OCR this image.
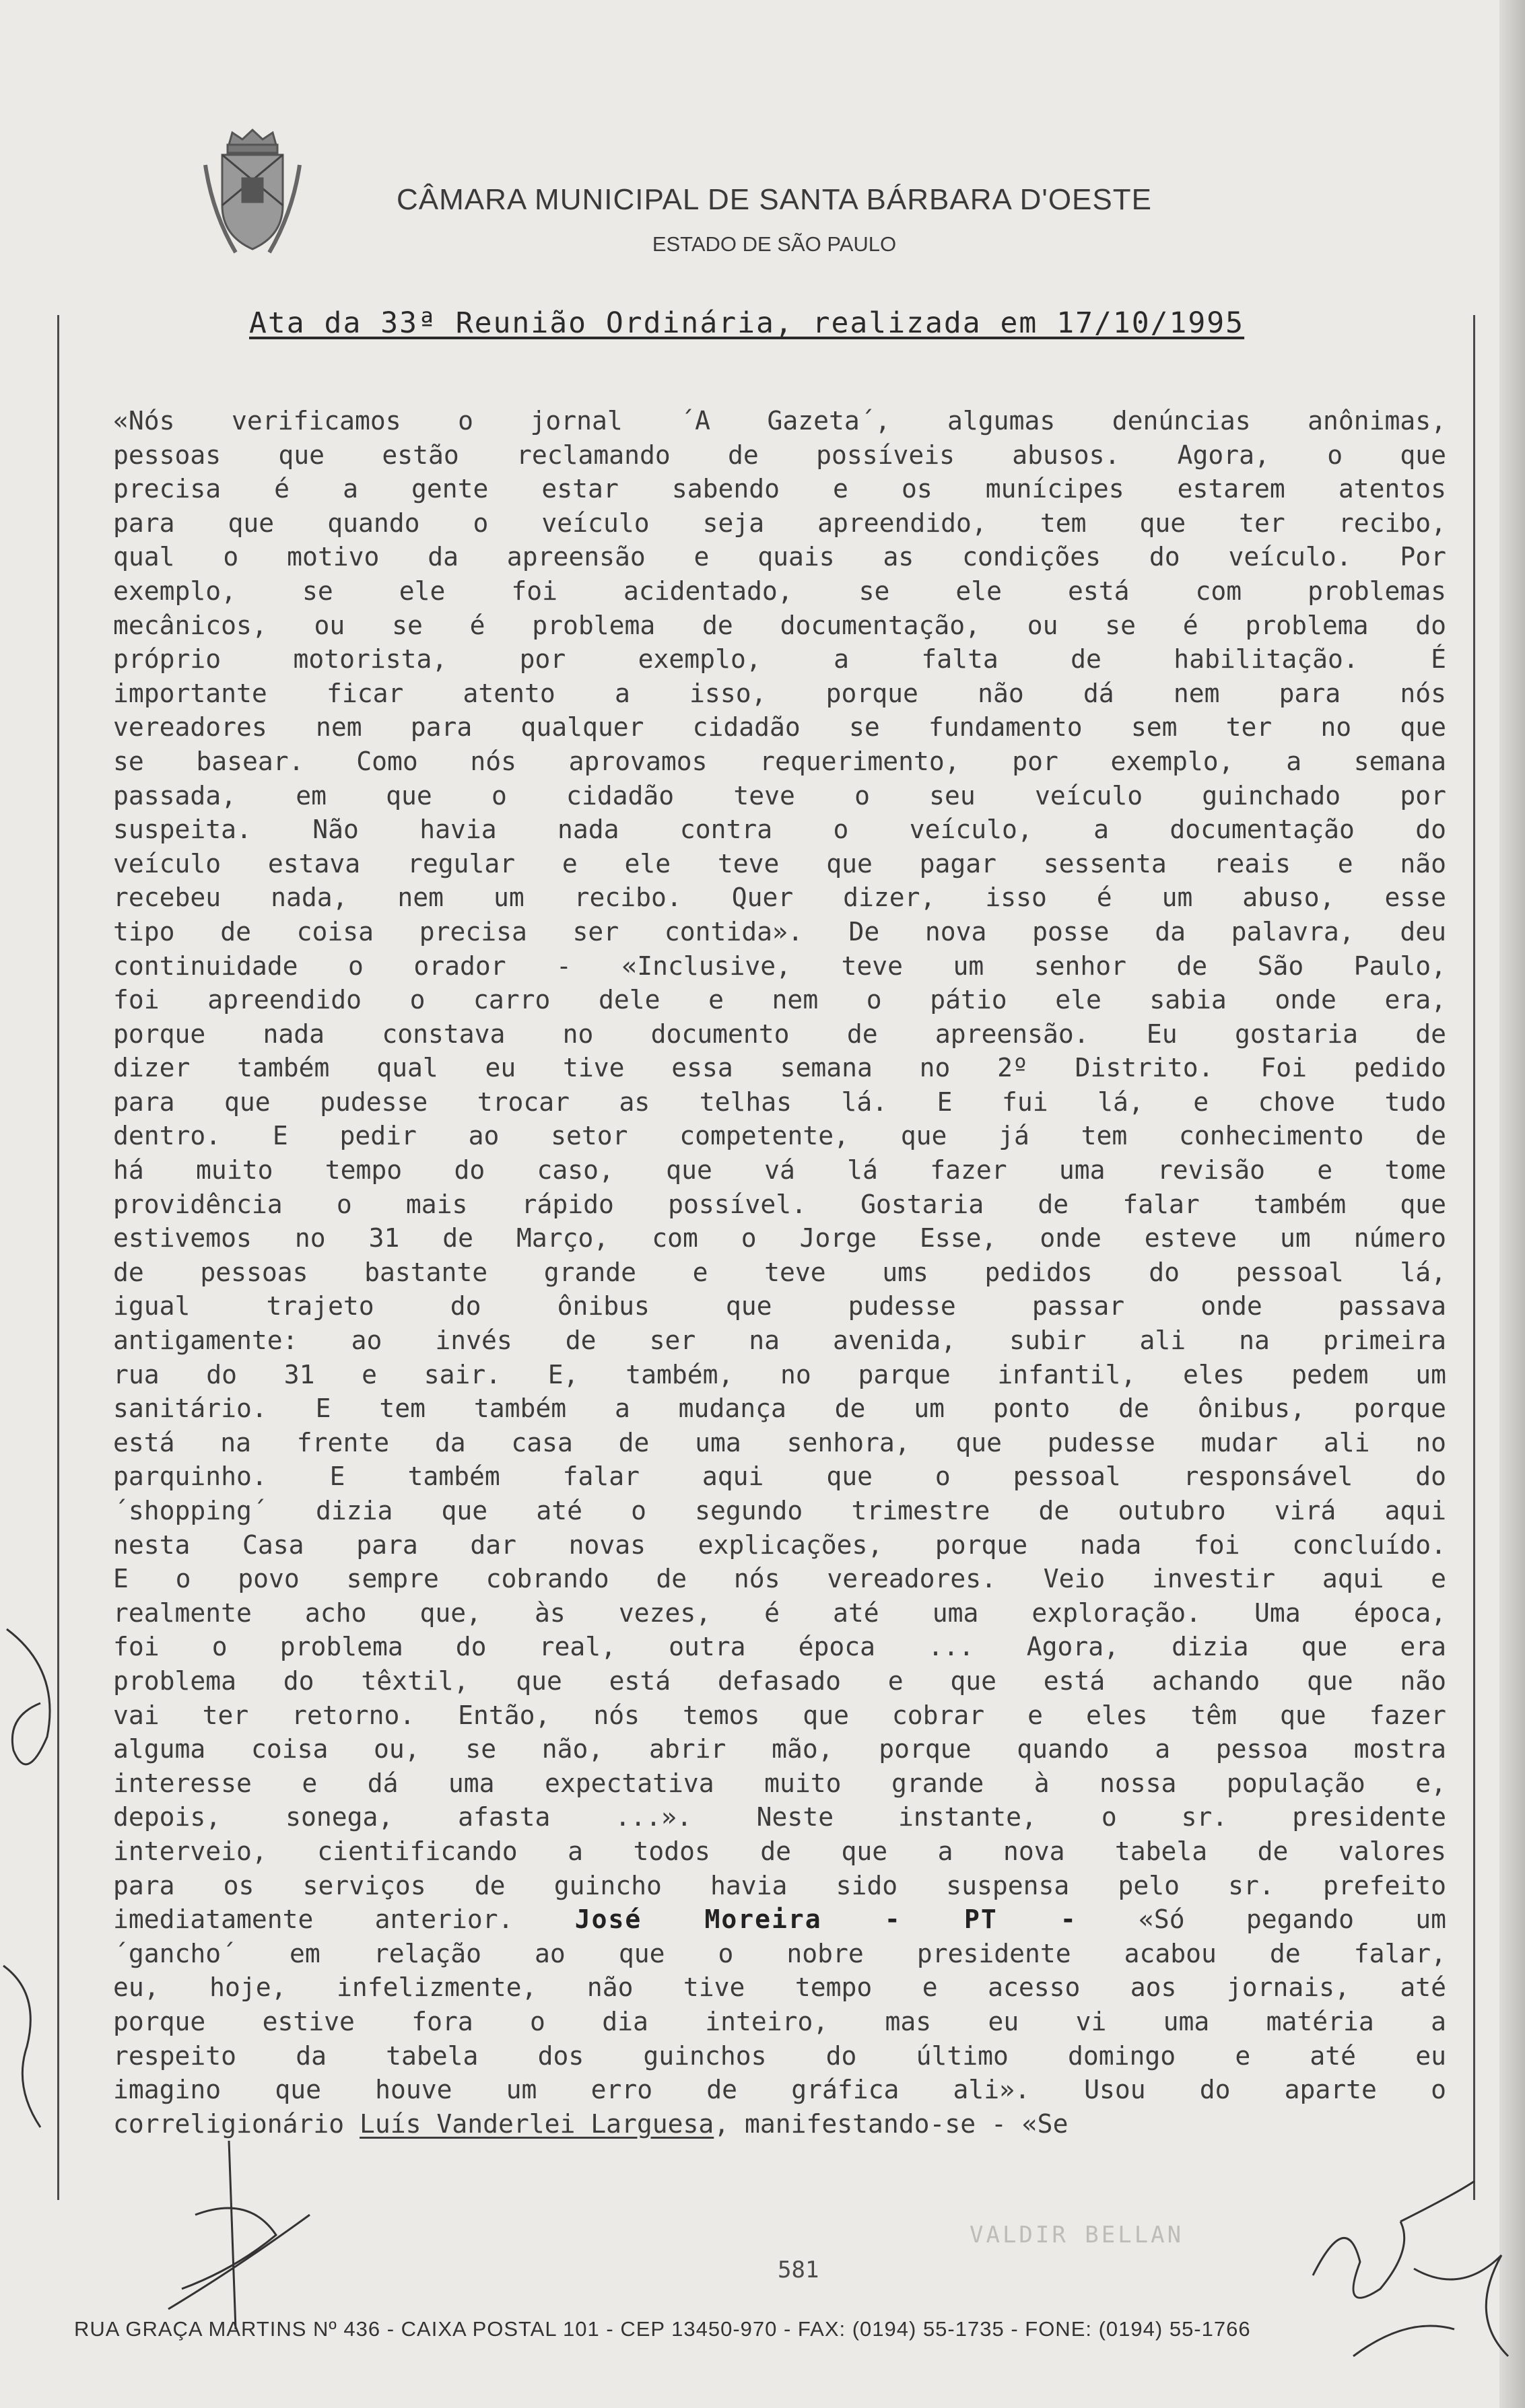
CÂMARA MUNICIPAL DE SANTA BÁRBARA D'OESTE
ESTADO DE SÃO PAULO
Ata da 33ª Reunião Ordinária, realizada em 17/10/1995
«Nós verificamos o jornal ´A Gazeta´, algumas denúncias anônimas,
pessoas que estão reclamando de possíveis abusos. Agora, o que
precisa é a gente estar sabendo e os munícipes estarem atentos
para que quando o veículo seja apreendido, tem que ter recibo,
qual o motivo da apreensão e quais as condições do veículo. Por
exemplo, se ele foi acidentado, se ele está com problemas
mecânicos, ou se é problema de documentação, ou se é problema do
próprio motorista, por exemplo, a falta de habilitação. É
importante ficar atento a isso, porque não dá nem para nós
vereadores nem para qualquer cidadão se fundamento sem ter no que
se basear. Como nós aprovamos requerimento, por exemplo, a semana
passada, em que o cidadão teve o seu veículo guinchado por
suspeita. Não havia nada contra o veículo, a documentação do
veículo estava regular e ele teve que pagar sessenta reais e não
recebeu nada, nem um recibo. Quer dizer, isso é um abuso, esse
tipo de coisa precisa ser contida». De nova posse da palavra, deu
continuidade o orador - «Inclusive, teve um senhor de São Paulo,
foi apreendido o carro dele e nem o pátio ele sabia onde era,
porque nada constava no documento de apreensão. Eu gostaria de
dizer também qual eu tive essa semana no 2º Distrito. Foi pedido
para que pudesse trocar as telhas lá. E fui lá, e chove tudo
dentro. E pedir ao setor competente, que já tem conhecimento de
há muito tempo do caso, que vá lá fazer uma revisão e tome
providência o mais rápido possível. Gostaria de falar também que
estivemos no 31 de Março, com o Jorge Esse, onde esteve um número
de pessoas bastante grande e teve ums pedidos do pessoal lá,
igual trajeto do ônibus que pudesse passar onde passava
antigamente: ao invés de ser na avenida, subir ali na primeira
rua do 31 e sair. E, também, no parque infantil, eles pedem um
sanitário. E tem também a mudança de um ponto de ônibus, porque
está na frente da casa de uma senhora, que pudesse mudar ali no
parquinho. E também falar aqui que o pessoal responsável do
´shopping´ dizia que até o segundo trimestre de outubro virá aqui
nesta Casa para dar novas explicações, porque nada foi concluído.
E o povo sempre cobrando de nós vereadores. Veio investir aqui e
realmente acho que, às vezes, é até uma exploração. Uma época,
foi o problema do real, outra época ... Agora, dizia que era
problema do têxtil, que está defasado e que está achando que não
vai ter retorno. Então, nós temos que cobrar e eles têm que fazer
alguma coisa ou, se não, abrir mão, porque quando a pessoa mostra
interesse e dá uma expectativa muito grande à nossa população e,
depois, sonega, afasta ...». Neste instante, o sr. presidente
interveio, cientificando a todos de que a nova tabela de valores
para os serviços de guincho havia sido suspensa pelo sr. prefeito
imediatamente anterior. José Moreira - PT - «Só pegando um
´gancho´ em relação ao que o nobre presidente acabou de falar,
eu, hoje, infelizmente, não tive tempo e acesso aos jornais, até
porque estive fora o dia inteiro, mas eu vi uma matéria a
respeito da tabela dos guinchos do último domingo e até eu
imagino que houve um erro de gráfica ali». Usou do aparte o
correligionário Luís Vanderlei Larguesa, manifestando-se - «Se
VALDIR BELLAN
581
RUA GRAÇA MARTINS Nº 436 - CAIXA POSTAL 101 - CEP 13450-970 - FAX: (0194) 55-1735 - FONE: (0194) 55-1766
